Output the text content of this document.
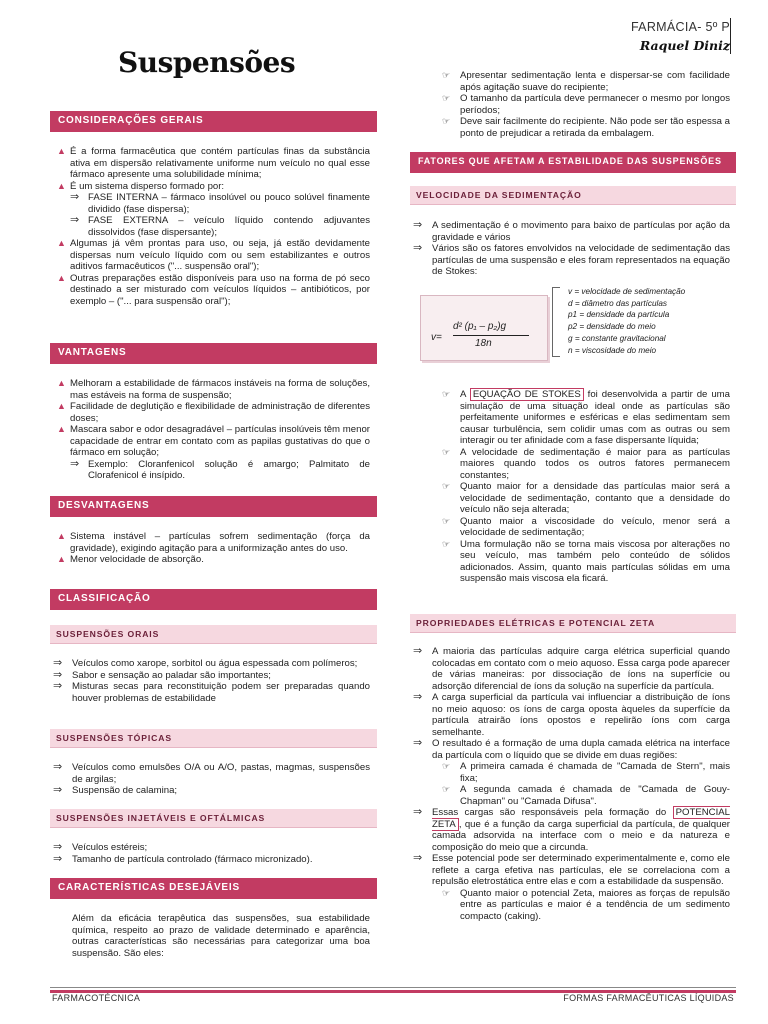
FARMÁCIA- 5º P
Raquel Diniz
Suspensões
CONSIDERAÇÕES GERAIS
▲ É a forma farmacêutica que contém partículas finas da substância ativa em dispersão relativamente uniforme num veículo no qual esse fármaco apresente uma solubilidade mínima;
▲ É um sistema disperso formado por:
⇒ FASE INTERNA – fármaco insolúvel ou pouco solúvel finamente dividido (fase dispersa);
⇒ FASE EXTERNA – veículo líquido contendo adjuvantes dissolvidos (fase dispersante);
▲ Algumas já vêm prontas para uso, ou seja, já estão devidamente dispersas num veículo líquido com ou sem estabilizantes e outros aditivos farmacêuticos ("... suspensão oral");
▲ Outras preparações estão disponíveis para uso na forma de pó seco destinado a ser misturado com veículos líquidos – antibióticos, por exemplo – ("... para suspensão oral");
VANTAGENS
▲ Melhoram a estabilidade de fármacos instáveis na forma de soluções, mas estáveis na forma de suspensão;
▲ Facilidade de deglutição e flexibilidade de administração de diferentes doses;
▲ Mascara sabor e odor desagradável – partículas insolúveis têm menor capacidade de entrar em contato com as papilas gustativas do que o fármaco em solução;
⇒ Exemplo: Cloranfenicol solução é amargo; Palmitato de Clorafenicol é insípido.
DESVANTAGENS
▲ Sistema instável – partículas sofrem sedimentação (força da gravidade), exigindo agitação para a uniformização antes do uso.
▲ Menor velocidade de absorção.
CLASSIFICAÇÃO
SUSPENSÕES ORAIS
⇒ Veículos como xarope, sorbitol ou água espessada com polímeros;
⇒ Sabor e sensação ao paladar são importantes;
⇒ Misturas secas para reconstituição podem ser preparadas quando houver problemas de estabilidade
SUSPENSÕES TÓPICAS
⇒ Veículos como emulsões O/A ou A/O, pastas, magmas, suspensões de argilas;
⇒ Suspensão de calamina;
SUSPENSÕES INJETÁVEIS E OFTÁLMICAS
⇒ Veículos estéreis;
⇒ Tamanho de partícula controlado (fármaco micronizado).
CARACTERÍSTICAS DESEJÁVEIS
Além da eficácia terapêutica das suspensões, sua estabilidade química, respeito ao prazo de validade determinado e aparência, outras características são necessárias para categorizar uma boa suspensão. São eles:
☞ Apresentar sedimentação lenta e dispersar-se com facilidade após agitação suave do recipiente;
☞ O tamanho da partícula deve permanecer o mesmo por longos períodos;
☞ Deve sair facilmente do recipiente. Não pode ser tão espessa a ponto de prejudicar a retirada da embalagem.
FATORES QUE AFETAM A ESTABILIDADE DAS SUSPENSÕES
VELOCIDADE DA SEDIMENTAÇÃO
⇒ A sedimentação é o movimento para baixo de partículas por ação da gravidade e vários
⇒ Vários são os fatores envolvidos na velocidade de sedimentação das partículas de uma suspensão e eles foram representados na equação de Stokes:
v=
d² (p₁ – p₂)g
18n
v = velocidade de sedimentação
d = diâmetro das partículas
p1 = densidade da partícula
p2 = densidade do meio
g = constante gravitacional
n = viscosidade do meio
☞ A EQUAÇÃO DE STOKES foi desenvolvida a partir de uma simulação de uma situação ideal onde as partículas são perfeitamente uniformes e esféricas e elas sedimentam sem causar turbulência, sem colidir umas com as outras ou sem interagir ou ter afinidade com a fase dispersante líquida;
☞ A velocidade de sedimentação é maior para as partículas maiores quando todos os outros fatores permanecem constantes;
☞ Quanto maior for a densidade das partículas maior será a velocidade de sedimentação, contanto que a densidade do veículo não seja alterada;
☞ Quanto maior a viscosidade do veículo, menor será a velocidade de sedimentação;
☞ Uma formulação não se torna mais viscosa por alterações no seu veículo, mas também pelo conteúdo de sólidos adicionados. Assim, quanto mais partículas sólidas em uma suspensão mais viscosa ela ficará.
PROPRIEDADES ELÉTRICAS E POTENCIAL ZETA
⇒ A maioria das partículas adquire carga elétrica superficial quando colocadas em contato com o meio aquoso. Essa carga pode aparecer de várias maneiras: por dissociação de íons na superfície ou adsorção diferencial de íons da solução na superfície da partícula.
⇒ A carga superficial da partícula vai influenciar a distribuição de íons no meio aquoso: os íons de carga oposta àqueles da superfície da partícula atrairão íons opostos e repelirão íons com carga semelhante.
⇒ O resultado é a formação de uma dupla camada elétrica na interface da partícula com o líquido que se divide em duas regiões:
☞ A primeira camada é chamada de "Camada de Stern", mais fixa;
☞ A segunda camada é chamada de "Camada de Gouy-Chapman" ou "Camada Difusa".
⇒ Essas cargas são responsáveis pela formação do POTENCIAL ZETA , que é a função da carga superficial da partícula, de qualquer camada adsorvida na interface com o meio e da natureza e composição do meio que a circunda.
⇒ Esse potencial pode ser determinado experimentalmente e, como ele reflete a carga efetiva nas partículas, ele se correlaciona com a repulsão eletrostática entre elas e com a estabilidade da suspensão.
☞ Quanto maior o potencial Zeta, maiores as forças de repulsão entre as partículas e maior é a tendência de um sedimento compacto (caking).
FARMACOTÉCNICA	FORMAS FARMACÊUTICAS LÍQUIDAS
